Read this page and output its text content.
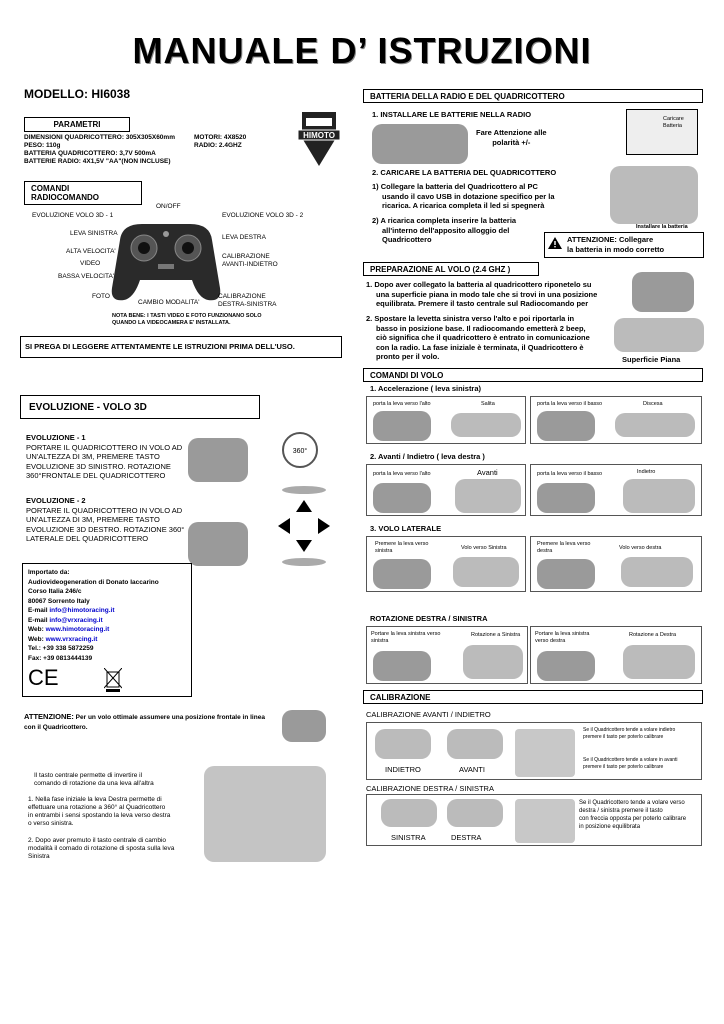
MANUALE D’ ISTRUZIONI
MODELLO: HI6038
PARAMETRI
DIMENSIONI QUADRICOTTERO: 305X305X60mm
PESO: 110g
BATTERIA QUADRICOTTERO: 3,7V 500mA
BATTERIE RADIO: 4X1,5V "AA"(NON INCLUSE)
MOTORI: 4X8520
RADIO: 2.4GHZ
HIMOTO
COMANDI RADIOCOMANDO
ON/OFF
EVOLUZIONE VOLO 3D - 1	EVOLUZIONE VOLO 3D - 2
LEVA SINISTRA
LEVA DESTRA
ALTA VELOCITA'
VIDEO
CALIBRAZIONE AVANTI-INDIETRO
BASSA VELOCITA'
FOTO
CAMBIO MODALITA'
CALIBRAZIONE DESTRA-SINISTRA
NOTA BENE: I TASTI VIDEO E FOTO FUNZIONANO SOLO
QUANDO LA VIDEOCAMERA E' INSTALLATA.
SI PREGA DI LEGGERE ATTENTAMENTE LE ISTRUZIONI PRIMA DELL'USO.
EVOLUZIONE - VOLO 3D
EVOLUZIONE - 1
PORTARE IL QUADRICOTTERO IN VOLO AD
UN'ALTEZZA DI 3M, PREMERE TASTO
EVOLUZIONE 3D SINISTRO. ROTAZIONE
360°FRONTALE DEL QUADRICOTTERO
EVOLUZIONE - 2
PORTARE IL QUADRICOTTERO IN VOLO AD
UN'ALTEZZA DI 3M, PREMERE TASTO
EVOLUZIONE 3D DESTRO. ROTAZIONE 360°
LATERALE DEL QUADRICOTTERO
360°
Importato da:
Audiovideogeneration di Donato Iaccarino
Corso Italia 246/c
80067 Sorrento Italy
E-mail info@himotoracing.it
E-mail info@vrxracing.it
Web: www.himotoracing.it
Web: www.vrxracing.it
Tel.: +39 338 5872259
Fax: +39 0813444139
CE
ATTENZIONE: Per un volo ottimale assumere una posizione frontale in linea
con il Quadricottero.
Il tasto centrale permette di invertire il
comando di rotazione da una leva all'altra
1. Nella fase iniziale la leva Destra permette di
effettuare una rotazione a 360° al Quadricottero
in entrambi i sensi spostando la leva verso destra
o verso sinistra.
2. Dopo aver premuto il tasto centrale di cambio
modalità il comado di rotazione di sposta sulla leva
Sinistra
BATTERIA DELLA RADIO E DEL QUADRICOTTERO
1. INSTALLARE LE BATTERIE NELLA RADIO
Fare Attenzione alle
polarità +/-
Caricare
Batteria
2. CARICARE LA BATTERIA DEL QUADRICOTTERO
1) Collegare la batteria del Quadricottero al PC
usando il cavo USB in dotazione specifico per la
ricarica. A ricarica completa il led si spegnerà
2) A ricarica completa inserire la batteria
all'interno dell'apposito alloggio del
Quadricottero
Installare la batteria
ATTENZIONE: Collegare
la batteria in modo corretto
PREPARAZIONE AL VOLO (2.4 GHZ )
1. Dopo aver collegato la batteria al quadricottero riponetelo su
una superficie piana in modo tale che si trovi in una posizione
equilibrata. Premere il tasto centrale sul Radiocomando per
2. Spostare la levetta sinistra verso l'alto e poi riportarla in
basso in posizione base. Il radiocomando emetterà 2 beep,
ciò significa che il quadricottero è entrato in comunicazione
con la radio. La fase iniziale è terminata, il Quadricottero è
pronto per il volo.	Superficie Piana
COMANDI DI VOLO
1. Accelerazione ( leva sinistra)
porta la leva verso l'alto	Salita	porta la leva verso il basso	Discesa
2. Avanti / Indietro ( leva destra )
porta la leva verso l'alto	Avanti	porta la leva verso il basso	Indietro
3. VOLO LATERALE
Premere la leva verso
sinistra	Volo verso Sinistra
Premere la leva verso
destra	Volo verso destra
ROTAZIONE DESTRA / SINISTRA
Portare la leva sinistra verso
sinistra
Rotazione a Sinistra	Portare la leva sinistra
verso destra
Rotazione a Destra
CALIBRAZIONE
CALIBRAZIONE AVANTI / INDIETRO
INDIETRO	AVANTI
Se il Quadricottero tende a volare indietro
premere il tasto per poterlo calibrare
Se il Quadricottero tende a volare in avanti
premere il tasto per poterlo calibrare
CALIBRAZIONE DESTRA / SINISTRA
SINISTRA	DESTRA
Se il Quadricottero tende a volare verso
destra / sinistra premere il tasto
con freccia opposta per poterlo calibrare
in posizione equilibrata
